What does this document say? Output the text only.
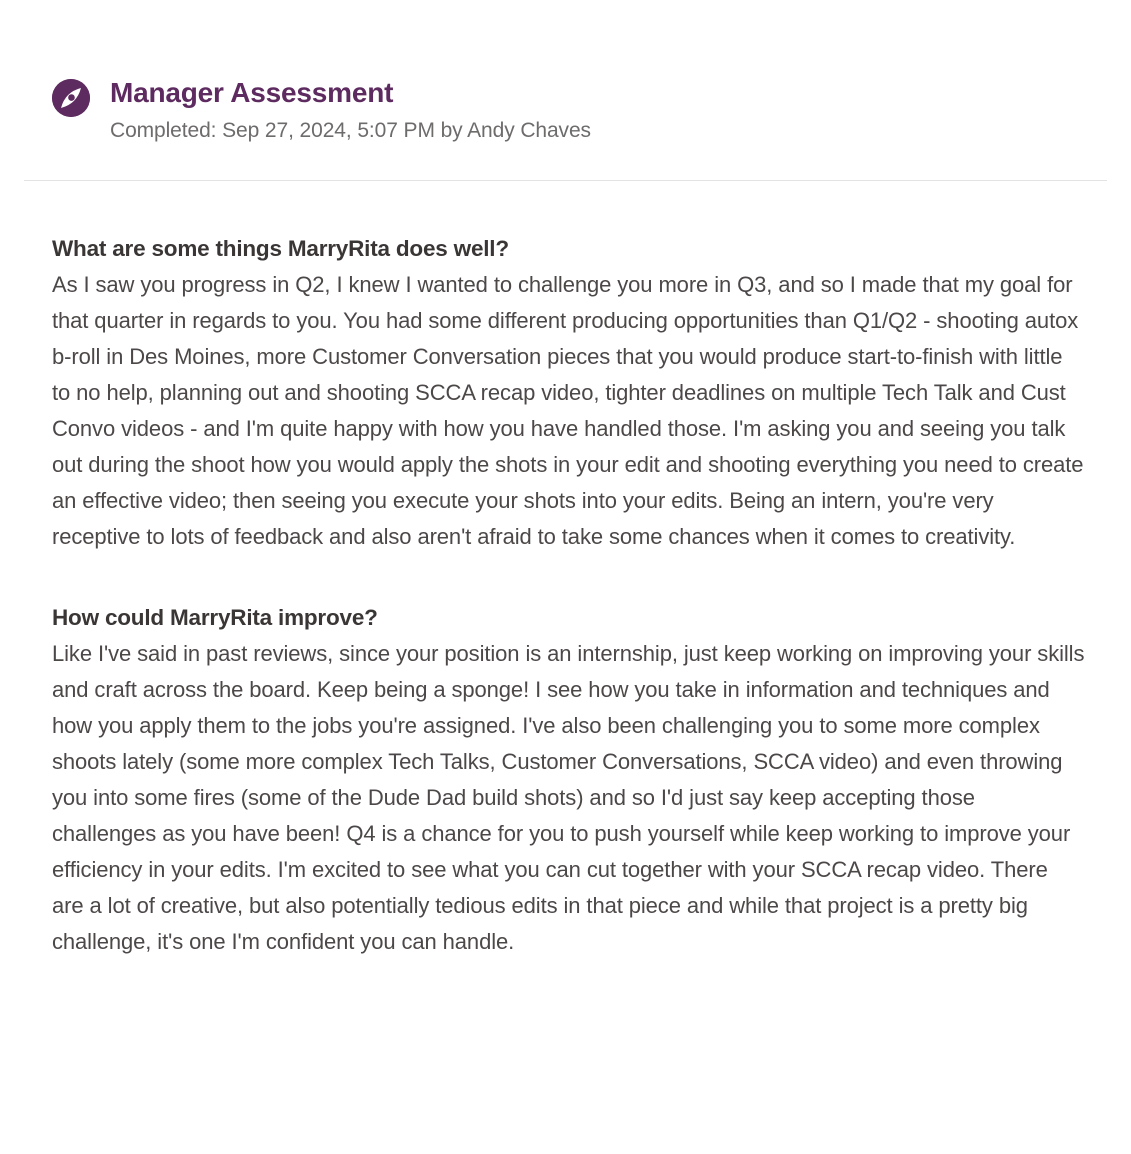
Manager Assessment
Completed: Sep 27, 2024, 5:07 PM by Andy Chaves
What are some things MarryRita does well?
As I saw you progress in Q2, I knew I wanted to challenge you more in Q3, and so I made that my goal for that quarter in regards to you. You had some different producing opportunities than Q1/Q2 - shooting autox b-roll in Des Moines, more Customer Conversation pieces that you would produce start-to-finish with little to no help, planning out and shooting SCCA recap video, tighter deadlines on multiple Tech Talk and Cust Convo videos - and I'm quite happy with how you have handled those. I'm asking you and seeing you talk out during the shoot how you would apply the shots in your edit and shooting everything you need to create an effective video; then seeing you execute your shots into your edits. Being an intern, you're very receptive to lots of feedback and also aren't afraid to take some chances when it comes to creativity.
How could MarryRita improve?
Like I've said in past reviews, since your position is an internship, just keep working on improving your skills and craft across the board. Keep being a sponge! I see how you take in information and techniques and how you apply them to the jobs you're assigned. I've also been challenging you to some more complex shoots lately (some more complex Tech Talks, Customer Conversations, SCCA video) and even throwing you into some fires (some of the Dude Dad build shots) and so I'd just say keep accepting those challenges as you have been! Q4 is a chance for you to push yourself while keep working to improve your efficiency in your edits. I'm excited to see what you can cut together with your SCCA recap video. There are a lot of creative, but also potentially tedious edits in that piece and while that project is a pretty big challenge, it's one I'm confident you can handle.
